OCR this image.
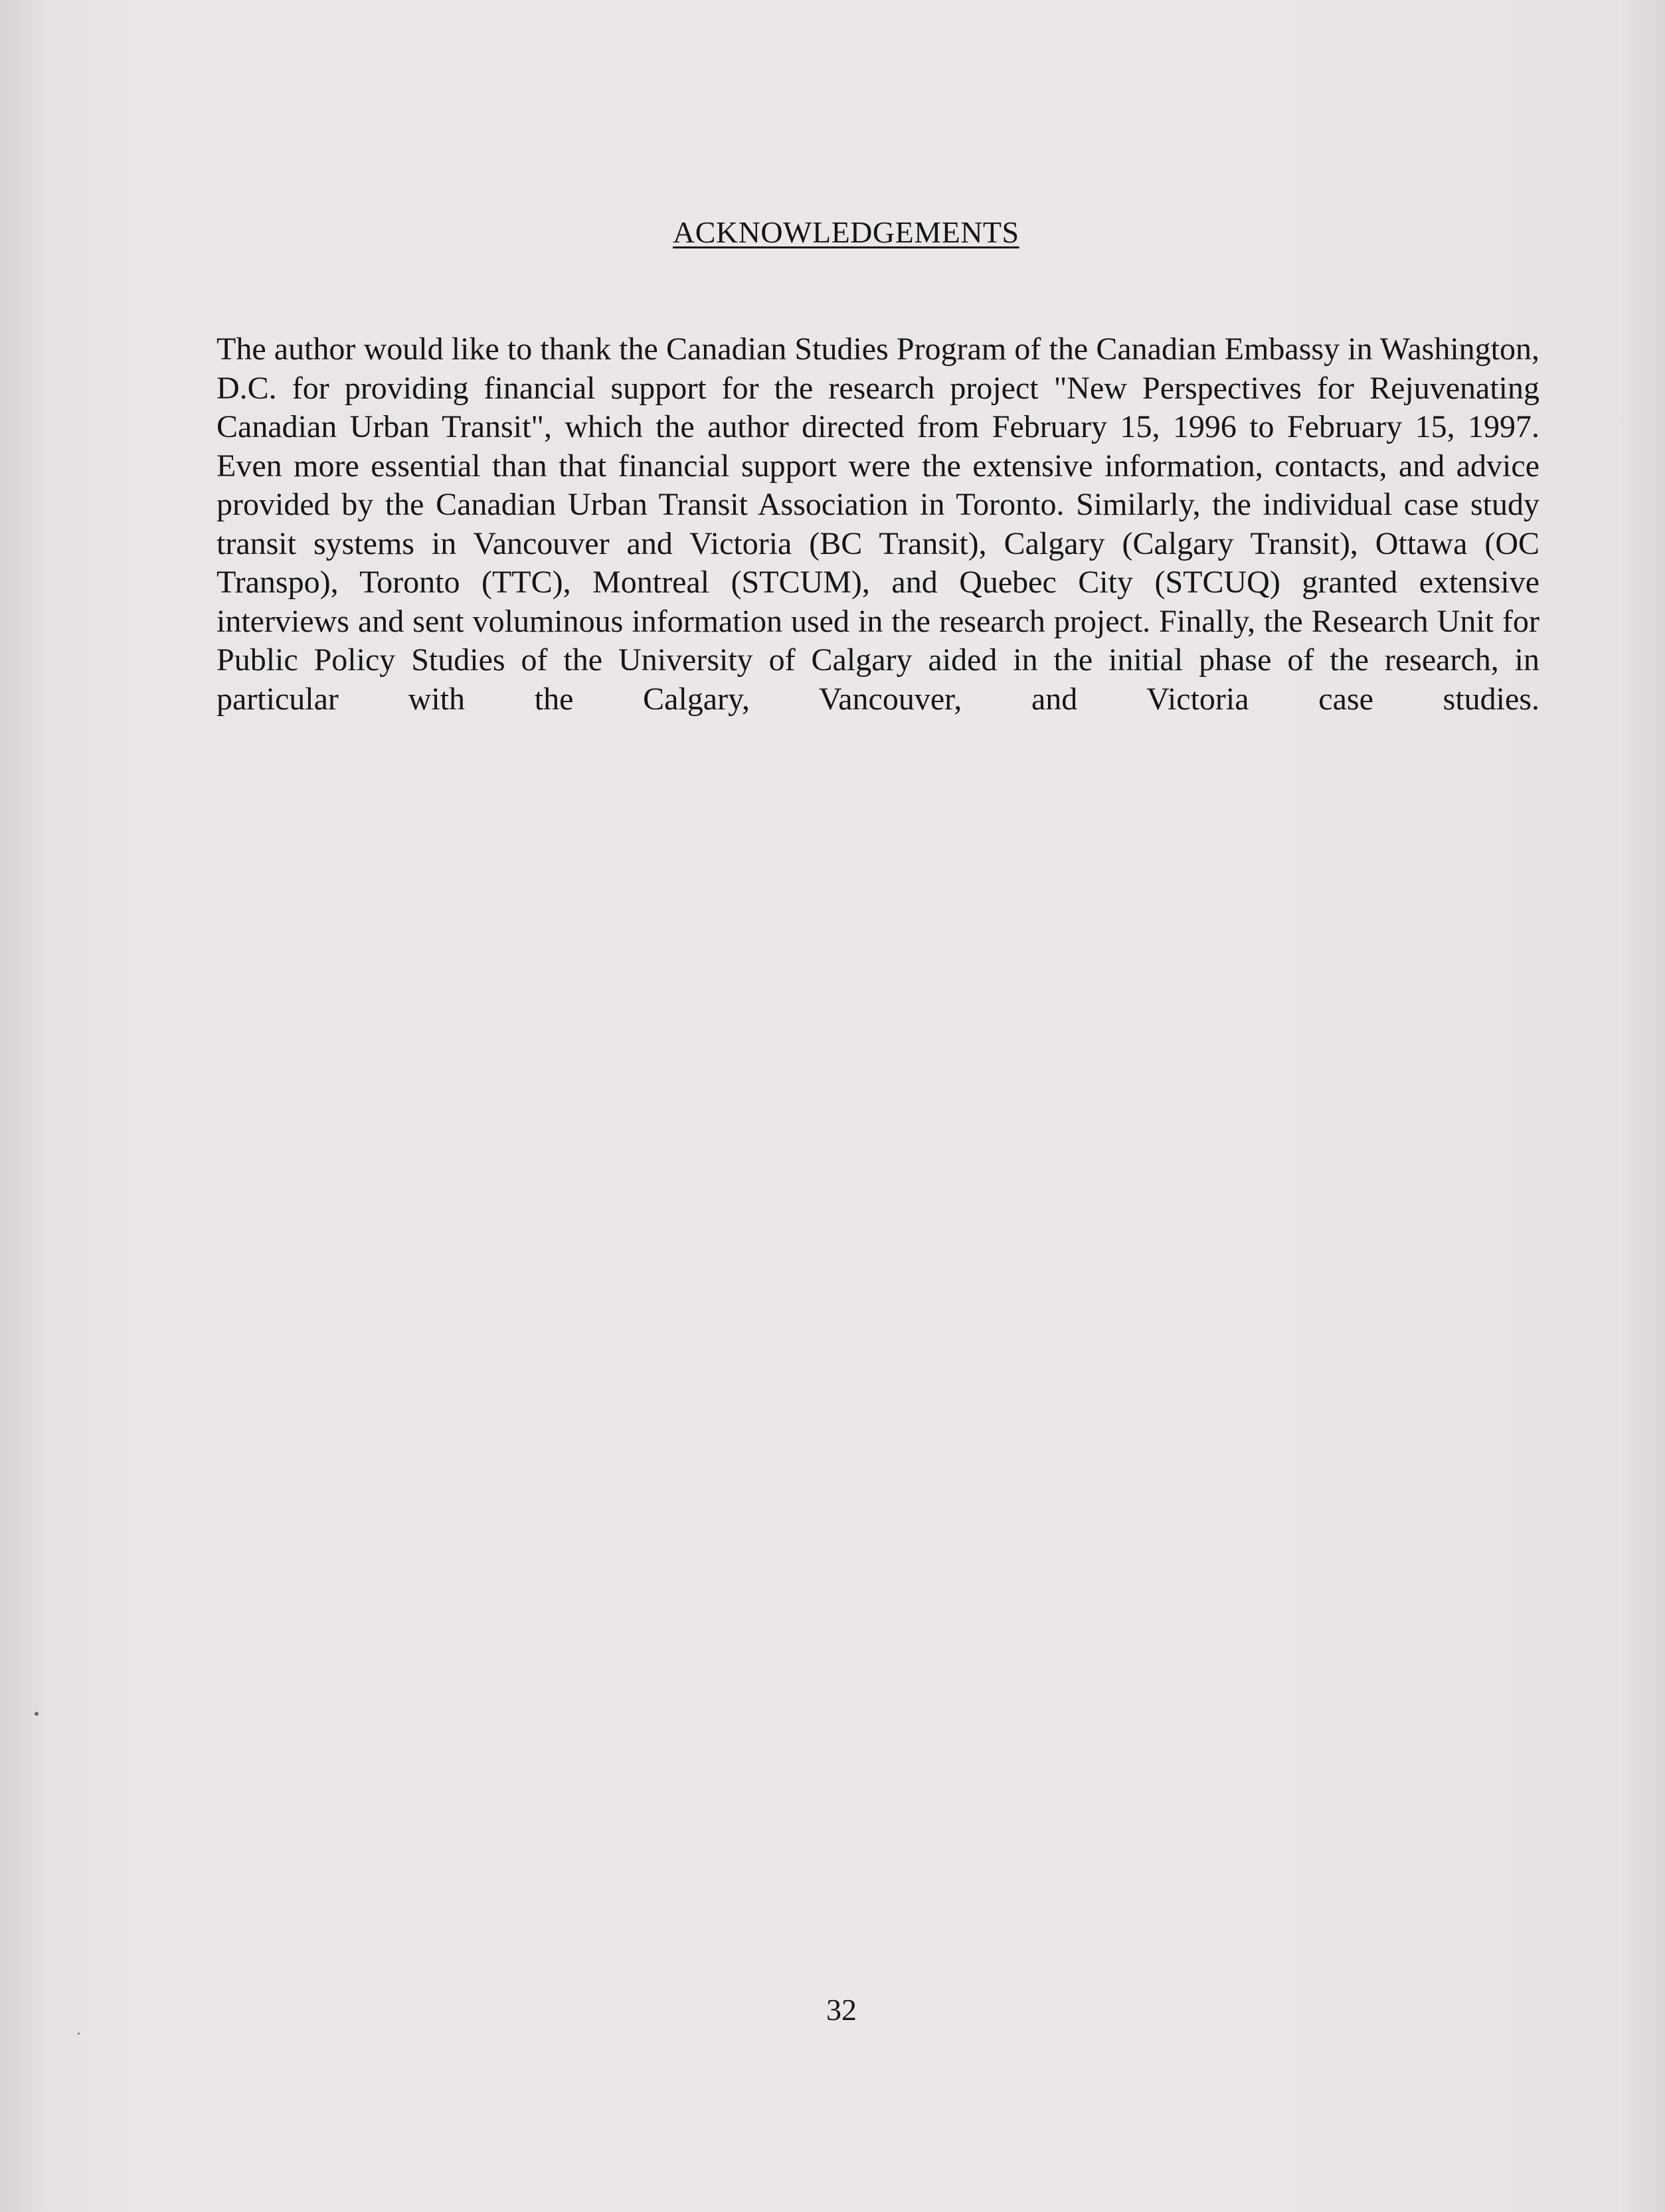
ACKNOWLEDGEMENTS

The author would like to thank the Canadian Studies Program of the Canadian Embassy in Washington, D.C. for providing financial support for the research project "New Perspectives for Rejuvenating Canadian Urban Transit", which the author directed from February 15, 1996 to February 15, 1997. Even more essential than that financial support were the extensive information, contacts, and advice provided by the Canadian Urban Transit Association in Toronto. Similarly, the individual case study transit systems in Vancouver and Victoria (BC Transit), Calgary (Calgary Transit), Ottawa (OC Transpo), Toronto (TTC), Montreal (STCUM), and Quebec City (STCUQ) granted extensive interviews and sent voluminous information used in the research project. Finally, the Research Unit for Public Policy Studies of the University of Calgary aided in the initial phase of the research, in particular with the Calgary, Vancouver, and Victoria case studies.

32
